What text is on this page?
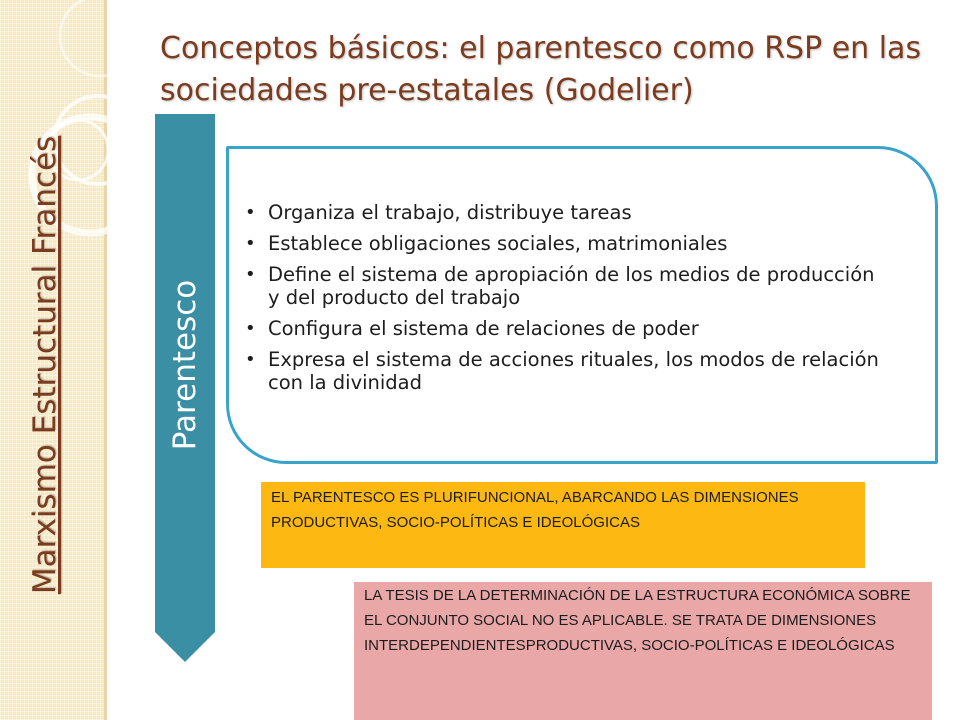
Marxismo Estructural Francés
Conceptos básicos: el parentesco como RSP en las sociedades pre-estatales (Godelier)
Parentesco
• Organiza el trabajo, distribuye tareas
• Establece obligaciones sociales, matrimoniales
• Define el sistema de apropiación de los medios de producción y del producto del trabajo
• Configura el sistema de relaciones de poder
• Expresa el sistema de acciones rituales, los modos de relación con la divinidad
EL PARENTESCO ES PLURIFUNCIONAL, ABARCANDO LAS DIMENSIONES PRODUCTIVAS, SOCIO-POLÍTICAS E IDEOLÓGICAS
LA TESIS DE LA DETERMINACIÓN DE LA ESTRUCTURA ECONÓMICA SOBRE EL CONJUNTO SOCIAL NO ES APLICABLE. SE TRATA DE DIMENSIONES INTERDEPENDIENTESPRODUCTIVAS, SOCIO-POLÍTICAS E IDEOLÓGICAS
